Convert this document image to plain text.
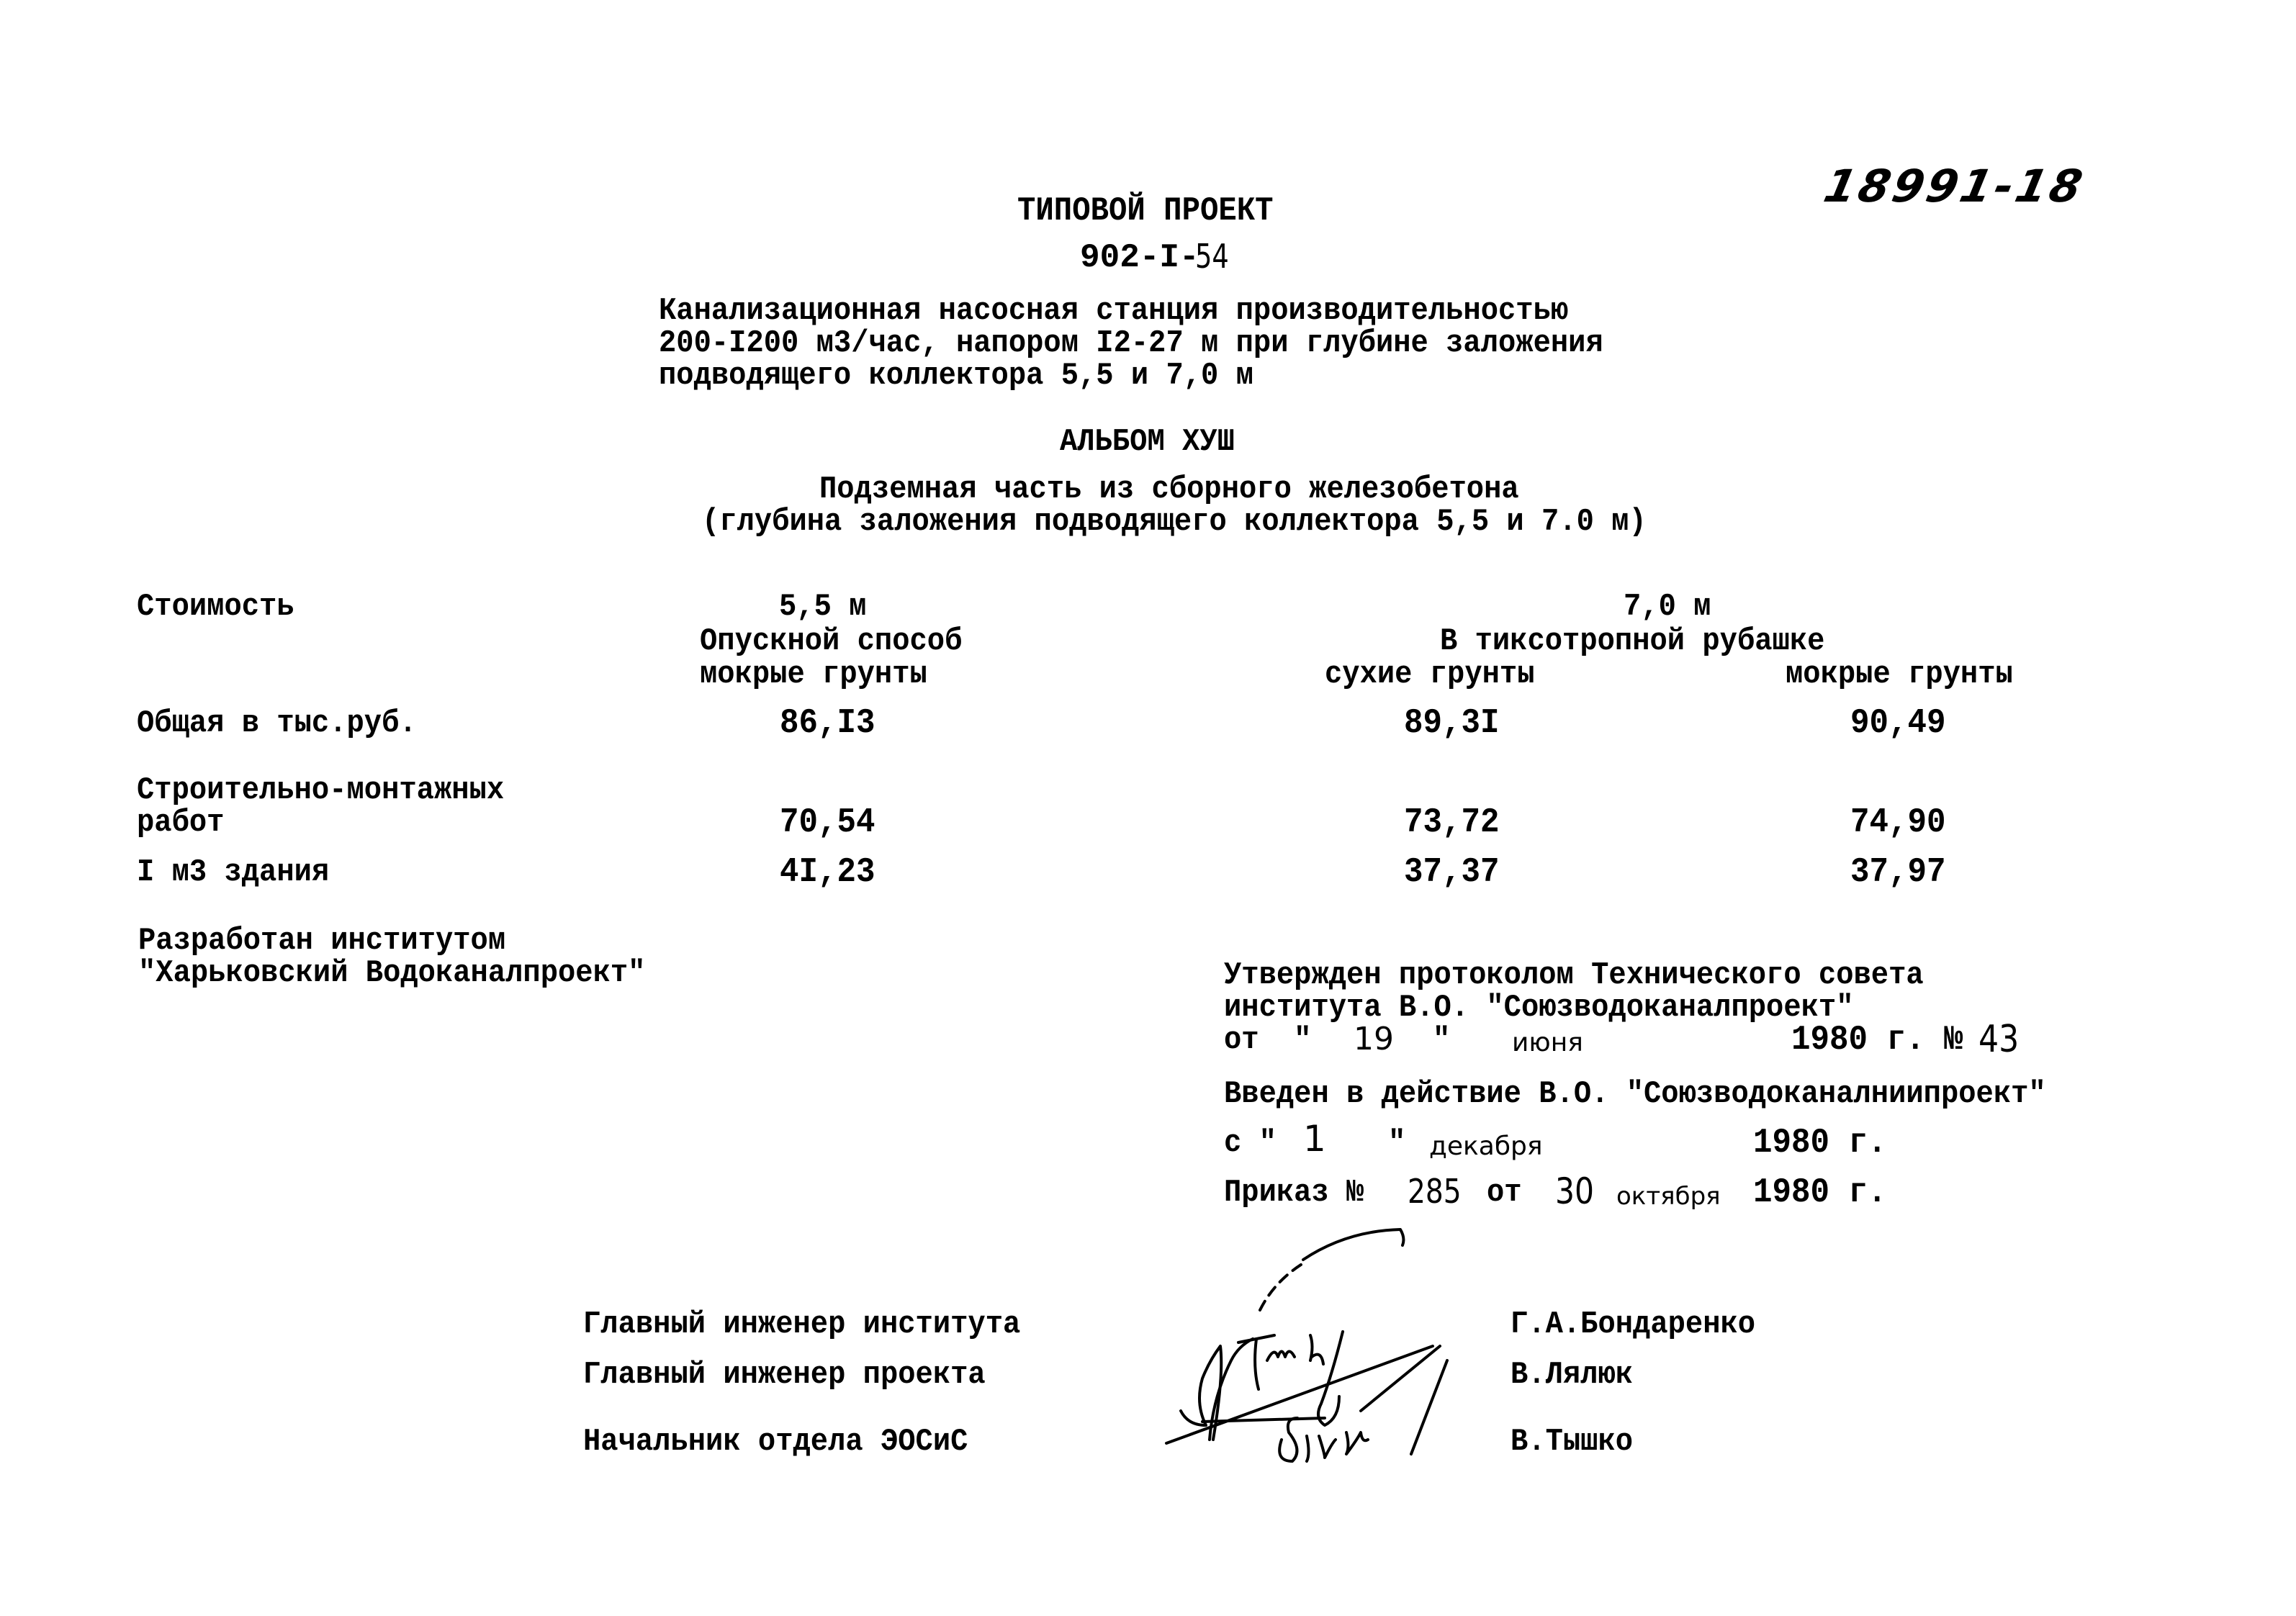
18991-18
ТИПОВОЙ ПРОЕКТ
902-I-
54
Канализационная насосная станция производительностью
200-I200 м3/час, напором I2-27 м при глубине заложения
подводящего коллектора 5,5 и 7,0 м
АЛЬБОМ ХУШ
Подземная часть из сборного железобетона
(глубина заложения подводящего коллектора 5,5 и 7.0 м)
Стоимость	5,5 м
Опускной способ
мокрые грунты
7,0 м
В тиксотропной рубашке
сухие грунты	мокрые грунты
Общая в тыс.руб.	86,I3	89,3I	90,49
Строительно-монтажных
работ	70,54	73,72	74,90
I м3 здания	4I,23	37,37	37,97
Разработан институтом
"Харьковский Водоканалпроект"	Утвержден протоколом Технического совета
института В.О. "Союзводоканалпроект"
от  " 19 " июня	1980 г. № 43
Введен в действие В.О. "Союзводоканалниипроект"
с " 1 " декабря	1980 г.
Приказ № 285 от 30 октября 1980 г.
Главный инженер института	Г.А.Бондаренко
Главный инженер проекта	В.Лялюк
Начальник отдела ЭОСиС	В.Тышко
